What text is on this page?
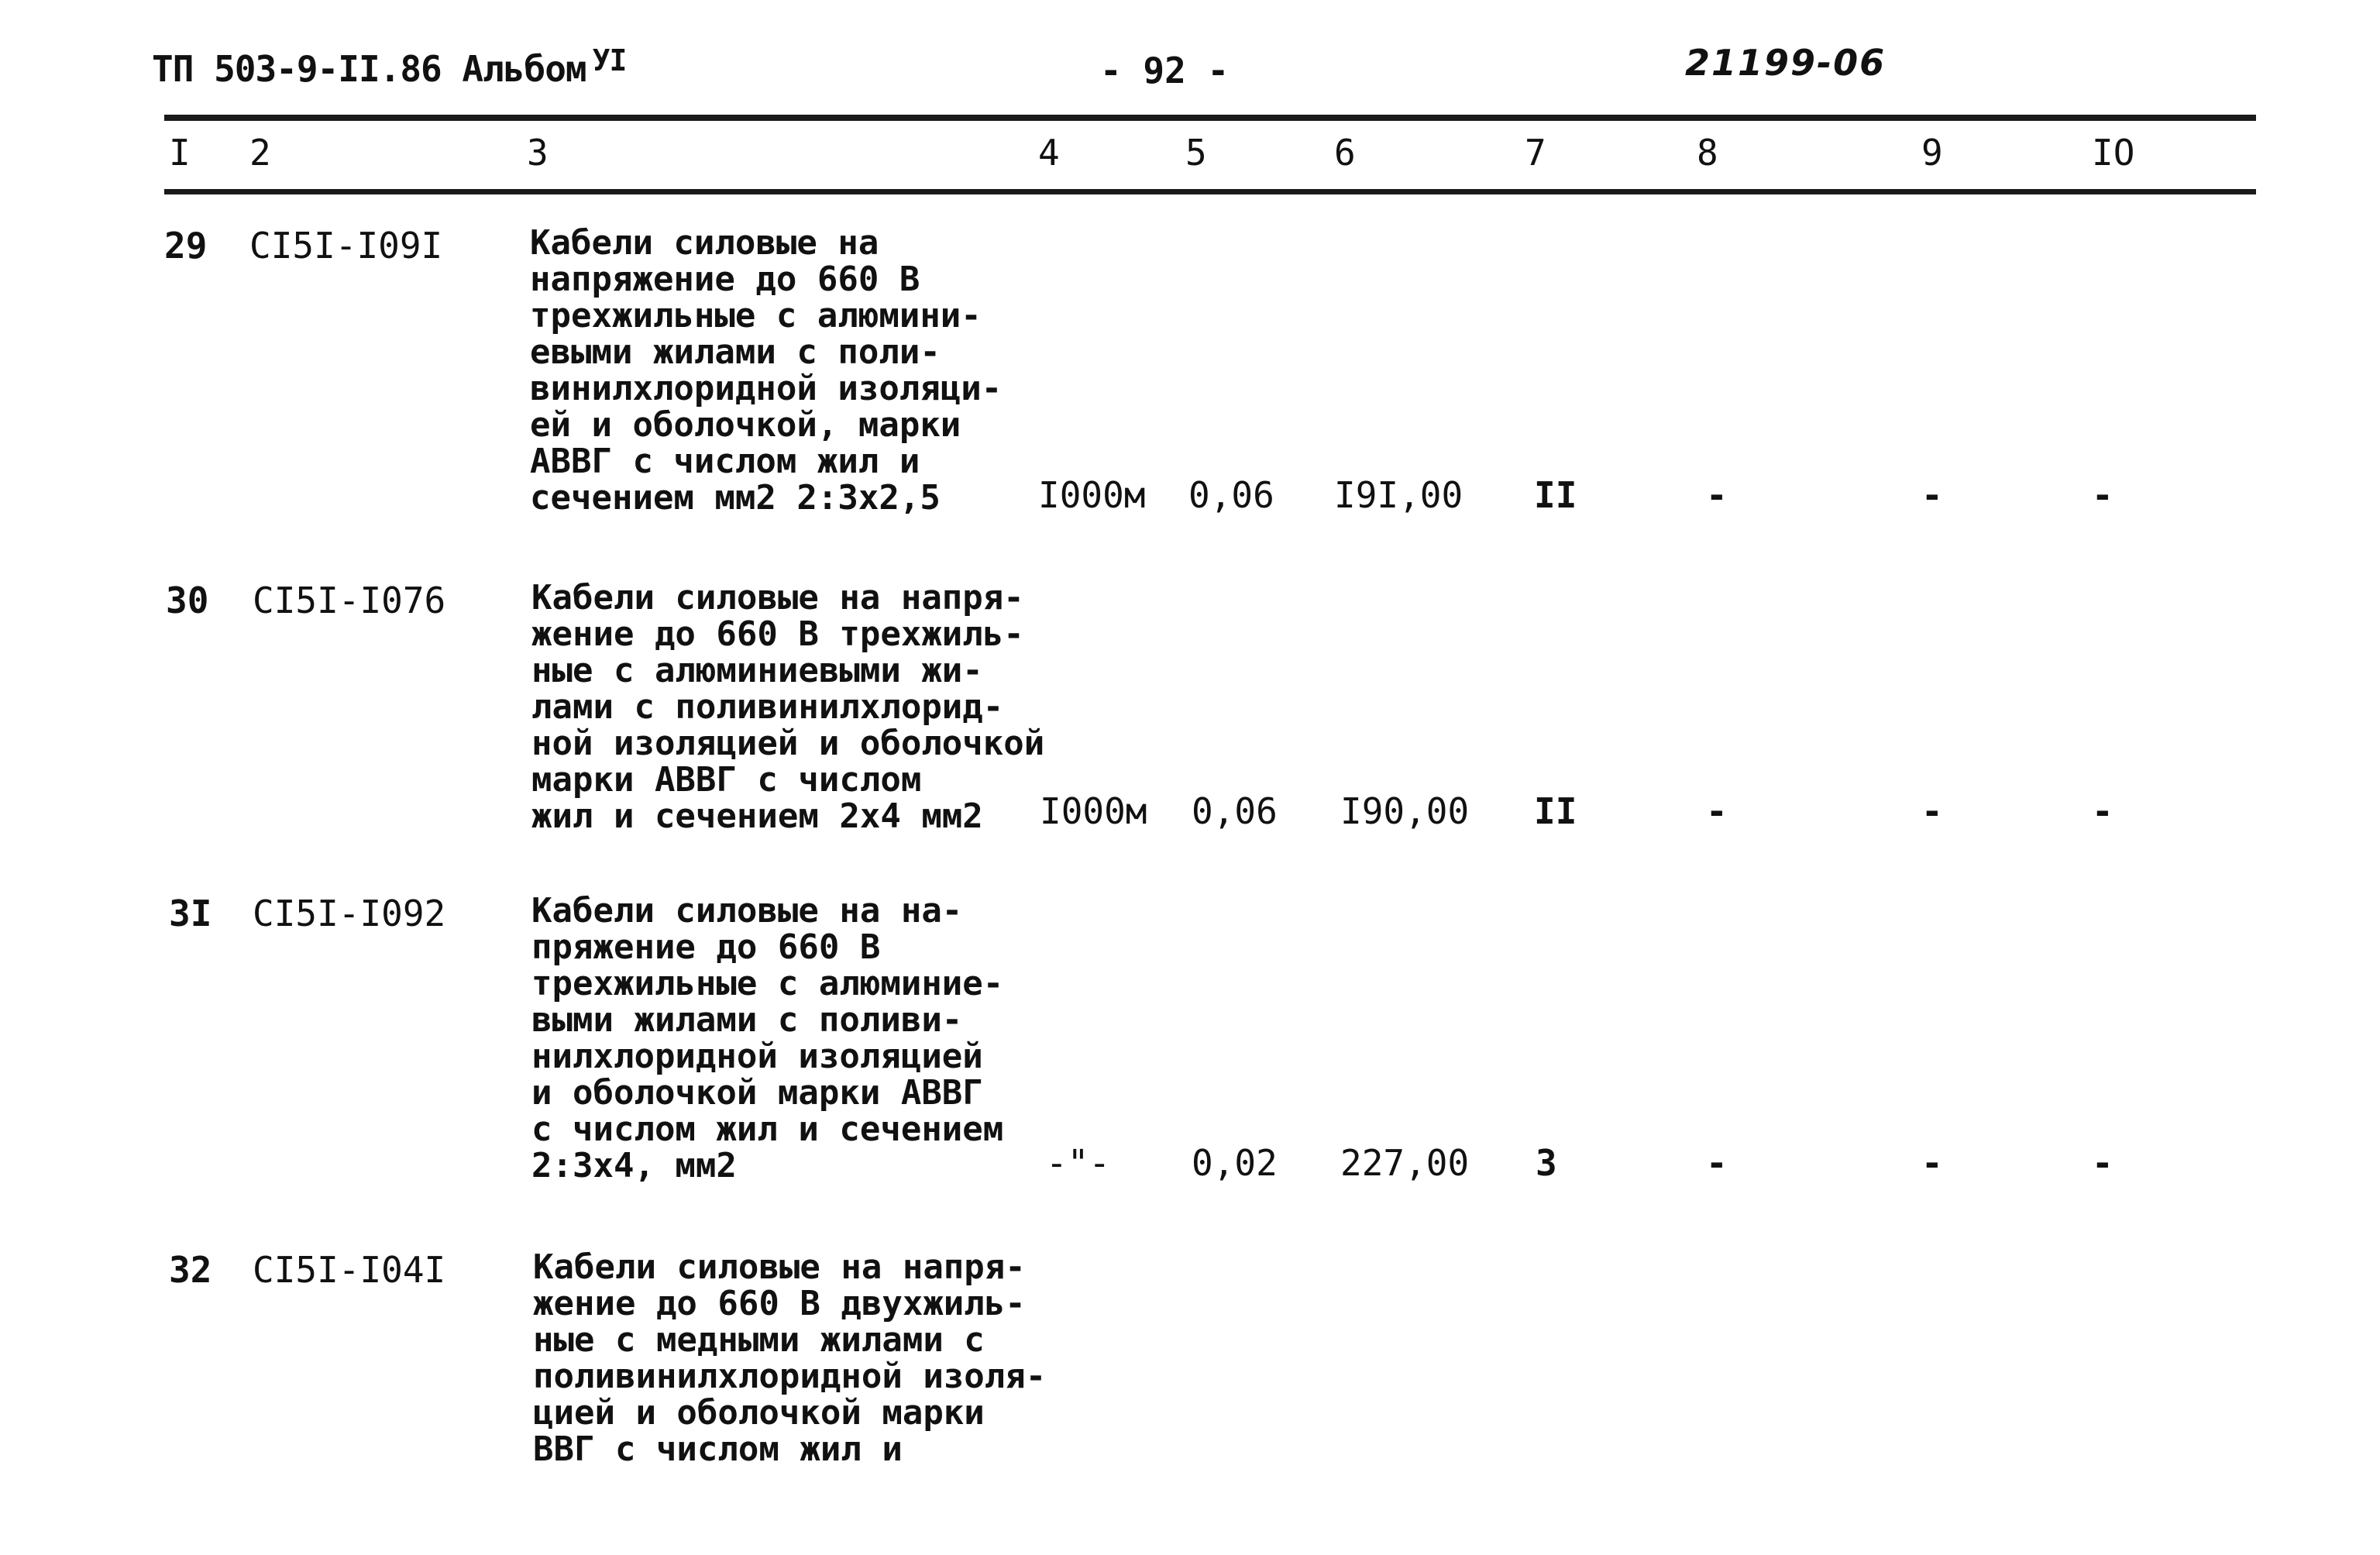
ТП 503-9-II.86 Альбом $^{УI}$	- 92 -	21199-06
I 2	3	4	5	6	7	8	9	IO
29 CI5I-I09I	Кабели силовые на
напряжение до 660 В
трехжильные с алюмини-
евыми жилами с поли-
винилхлоридной изоляци-
ей и оболочкой, марки
АВВГ с числом жил и
сечением мм2 2:3х2,5	I000м 0,06 I9I,00 II	-	-	-
30 CI5I-I076	Кабели силовые на напря-
жение до 660 В трехжиль-
ные с алюминиевыми жи-
лами с поливинилхлорид-
ной изоляцией и оболочкой
марки АВВГ с числом
жил и сечением 2х4 мм2	I000м 0,06 I90,00 II	-	-	-
3I CI5I-I092	Кабели силовые на на-
пряжение до 660 В
трехжильные с алюминие-
выми жилами с поливи-
нилхлоридной изоляцией
и оболочкой марки АВВГ
с числом жил и сечением
2:3х4, мм2	-"- 0,02 227,00 3	-	-	-
32 CI5I-I04I	Кабели силовые на напря-
жение до 660 В двухжиль-
ные с медными жилами с
поливинилхлоридной изоля-
цией и оболочкой марки
ВВГ с числом жил и
